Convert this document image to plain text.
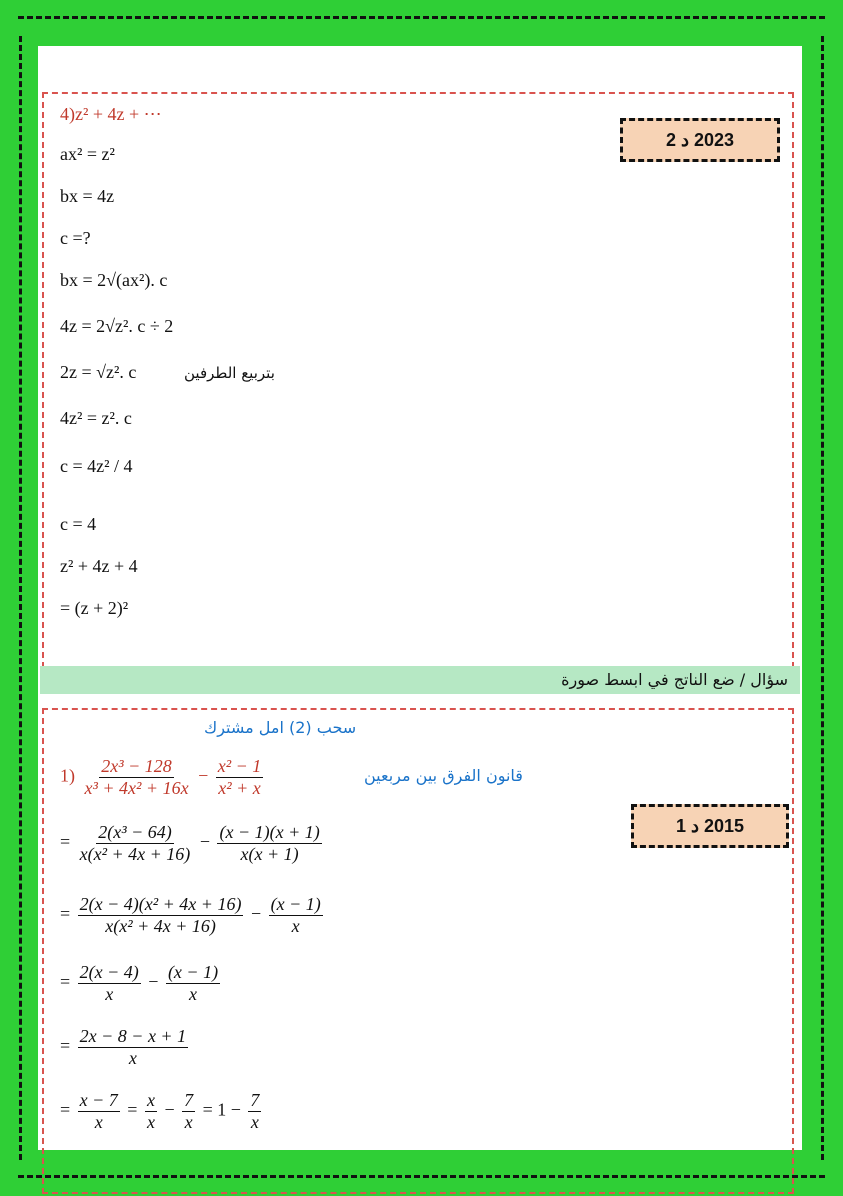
4)z² + 4z + ⋯
ax² = z²
bx = 4z
c =?
bx = 2√(ax²). c
4z = 2√z². c ÷ 2
2z = √z². c	بتربيع الطرفين
4z² = z². c
c = 4z² / 4
c = 4
z² + 4z + 4
= (z + 2)²
2023 د 2
سؤال / ضع الناتج في ابسط صورة
سحب (2) امل مشترك
قانون الفرق بين مربعين
$1) \frac{\text{2x³ − 128}}{\text{x³ + 4x² + 16x}} - \frac{\text{x² − 1}}{\text{x² + x}}$
= $\frac{\text{2(x³ − 64)}}{\text{x(x² + 4x + 16)}} - \frac{(x - 1)(x + 1)}{x(x + 1)}$
= $\frac{\text{2(x − 4)(x² + 4x + 16)}}{\text{x(x² + 4x + 16)}} - \frac{(x - 1)}{x}$
= $\frac{2(x - 4)}{x} - \frac{(x - 1)}{x}$
= $\frac{2x - 8 - x + 1}{x}$
= $\frac{x - 7}{x} = \frac{x}{x} - \frac{7}{x} = 1 - \frac{7}{x}$
2015 د 1
